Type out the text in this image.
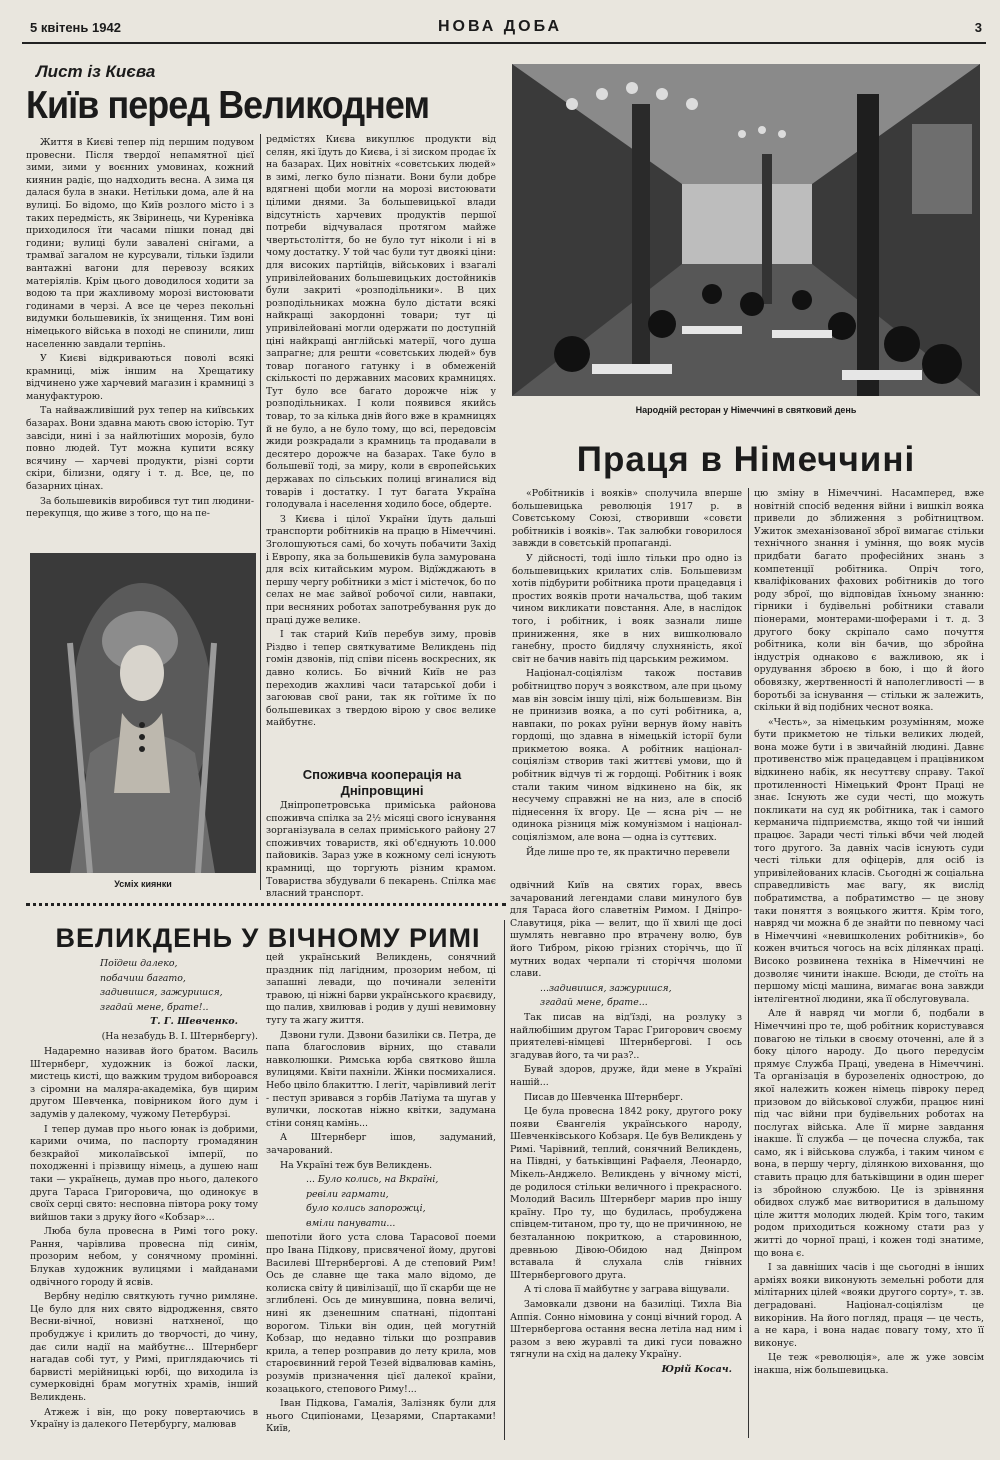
5 квітень 1942	НОВА ДОБА	3
Лист із Києва
Київ перед Великоднем

Життя в Києві тепер під першим подувом провесни. Після твердої непамятної цієї зими, зими у воєнних умовинах, кожний киянин радіє, що надходить весна. А зима ця далася була в знаки. Нетільки дома, але й на вулиці. Бо відомо, що Київ розлого місто і з таких передмість, як Звіринець, чи Куренівка приходилося їти часами пішки понад дві години; вулиці були завалені снігами, а трамваї загалом не курсували, тільки їздили вантажні вагони для перевозу всяких матеріялів. Крім цього доводилося ходити за водою та при жахливому морозі вистоювати годинами в черзі. А все це через пекольні видумки большевиків, їх знищення. Тим воні німецького війська в поході не спинили, лиш населенню завдали терпінь.

У Києві відкриваються поволі всякі крамниці, між іншим на Хрещатику відчинено уже харчевий магазин і крамниці з мануфактурою.

Та найважливіший рух тепер на київських базарах. Вони здавна мають свою історію. Тут завсіди, нині і за найлютіших морозів, було повно людей. Тут можна купити всяку всячину — харчеві продукти, різні сорти скіри, білизни, одягу і т. д. Все, це, по базарних цінах.

За большевиків виробився тут тип людини-перекупця, що живе з того, що на пе-

редмістях Києва викуплює продукти від селян, які їдуть до Києва, і зі зиском продає їх на базарах. Цих новітніх «совєтських людей» в зимі, легко було пізнати. Вони були добре вдягнені щоби могли на морозі вистоювати цілими днями. За большевицької влади відсутність харчевих продуктів першої потреби відчувалася протягом майже чвертьстоліття, бо не було тут ніколи і ні в чому достатку. У той час були тут двоякі ціни: для високих партійців, військових і взагалі упривілейованих большевицьких достойників були закриті «розподільники». В цих розподільниках можна було дістати всякі найкращі закордонні товари; тут ці упривілейовані могли одержати по доступній ціні найкращі англійські матерії, чого душа запрагне; для решти «совєтських людей» був товар поганого гатунку і в обмеженій скількості по державних масових крамницях. Тут було все багато дорожче ніж у розподільниках. І коли появився якийсь товар, то за кілька днів його вже в крамницях й не було, а не було тому, що всі, передовсім жиди розкрадали з крамниць та продавали в десятеро дорожче на базарах. Таке було в большевії тоді, за миру, коли в європейських державах по сільських полиці вгиналися від товарів і достатку. І тут багата Україна голодувала і населення ходило босе, обдерте.

З Києва і цілої України їдуть дальші транспорти робітників на працю в Німеччині. Зголошуються самі, бо хочуть побачити Захід і Европу, яка за большевиків була замурована для всіх китайським муром. Відїжджають в першу чергу робітники з міст і містечок, бо по селах не має зайвої робочої сили, навпаки, при весняних роботах запотребування рук до праці дуже велике.

І так старий Київ перебув зиму, провів Різдво і тепер святкуватиме Великдень під гомін дзвонів, під співи пісень воскресних, як давно колись. Бо вічний Київ не раз переходив жахливі часи татарської доби і загоював свої рани, так як гоїтиме їх по большевиках з твердою вірою у своє велике майбутнє.

Усміх киянки
Споживча кооперація на Дніпровщині

Дніпропетровська приміська районова споживча спілка за 2½ місяці свого існування зорганізувала в селах приміського району 27 споживчих товариств, які об'єднують 10.000 пайовиків. Зараз уже в кожному селі існують крамниці, що торгують різним крамом. Товариства збудували 6 пекарень. Спілка має власний транспорт.

Народній ресторан у Німеччині в святковий день
Праця в Німеччині

«Робітників і вояків» сполучила вперше большевицька революція 1917 р. в Совєтському Союзі, створивши «совєти робітників і вояків». Так залюбки говорилося завжди в совєтській пропаганді.

У дійсності, тоді ішло тільки про одно із большевицьких крилатих слів. Большевизм хотів підбурити робітника проти працедавця і простих вояків проти начальства, щоб таким чином викликати повстання. Але, в наслідок того, і робітник, і вояк зазнали лише приниження, яке в них вишколювало ганебну, просто бидлячу слухняність, якої світ не бачив навіть під царським режимом.

Націонал-соціялізм також поставив робітництво поруч з воякством, але при цьому мав він зовсім іншу цілі, ніж большевизм. Він не принизив вояка, а по суті робітника, а, навпаки, по роках руїни вернув йому навіть гордощі, що здавна в німецькій історії були прикметою вояка. А робітник націонал-соціялізм створив такі життєві умови, що й робітник відчув ті ж гордощі. Робітник і вояк стали таким чином відкинено на бік, як несучему справжні не на низ, але в спосіб піднесення їх вгору. Це — ясна річ — не одинока різниця між комунізмом і націонал-соціялізмом, але вона — одна із суттєвих.

Йде лише про те, як практично перевели

цю зміну в Німеччині. Насамперед, вже новітній спосіб ведення війни і вишкіл вояка привели до зближення з робітництвом. Ужиток змеханізованої зброї вимагає стільки технічного знання і уміння, що вояк мусів придбати багато професійних знань з компетенції робітника. Опріч того, кваліфікованих фахових робітників до того роду зброї, що відповідав їхньому знанню: гірники і будівельні робітники ставали піонерами, монтерами-шоферами і т. д. З другого боку скріпало само почуття робітника, коли він бачив, що збройна індустрія однаково є важливою, як і орудування зброєю в бою, і що й його обовязку, жертвенності й наполегливості — в боротьбі за існування — стільки ж залежить, скільки й від подібних чеснот вояка.

«Честь», за німецьким розумінням, може бути прикметою не тільки великих людей, вона може бути і в звичайній людині. Давнє противенство між працедавцем і працівником відкинено набік, як несуттєву справу. Такої протиленності Німецький Фронт Праці не знає. Існують же суди честі, що можуть покликати на суд як робітника, так і самого керманича підприємства, якщо той чи інший працює. Заради честі тількі вбчи чей людей того другого. За давніх часів існують суди честі тільки для офіцерів, для осіб із упривілейованих класів. Сьогодні ж соціальна справедливість має вагу, як вислід побратимства, а побратимство — це знову таки поняття з вояцького життя. Крім того, навряд чи можна б де знайти по певному часі в Німеччині «невишколених робітників», бо кожен вчиться чогось на всіх ділянках праці. Високо розвинена техніка в Німеччині не дозволяє чинити інакше. Всюди, де стоїть на першому місці машина, вимагає вона завжди інтелігентної людини, яка її обслуговувала.

Але й навряд чи могли б, подбали в Німеччині про те, щоб робітник користувався повагою не тільки в своєму оточенні, але й з боку цілого народу. До цього передусім прямує Служба Праці, уведена в Німеччині. Та організація в бурозеленіх однострою, до якої належить кожен німець півроку перед призовом до військової служби, працює нині під час війни при будівельних роботах на послугах війська. Але її мирне завдання інакше. Її служба — це почесна служба, так само, як і військова служба, і таким чином є вона, в першу чергу, ділянкою виховання, що ставить працю для батьківщини в один шерег із збройною службою. Це із зрівняння обидвох служб має витворитися в дальшому ціле життя молодих людей. Крім того, таким родом приходиться кожному стати раз у житті до чорної праці, і кожен тоді знатиме, що вона є.

І за давніших часів і ще сьогодні в інших арміях вояки виконують земельні роботи для мілітарних цілей «вояки другого сорту», т. зв. деградовані. Націонал-соціялізм це викорінив. На його погляд, праця — це честь, а не кара, і вона надає повагу тому, хто її виконує.

Це теж «революція», але ж уже зовсім інакша, ніж большевицька.

ВЕЛИКДЕНЬ У ВІЧНОМУ РИМІ
Поїдеш далеко,
побачиш багато,
задивишся, зажуришся,
згадай мене, брате!..
Т. Г. Шевченко.

(На незабудь В. І. Штернбергу).

Надаремно називав його братом. Василь Штернберг, художник із божої ласки, мистець кисті, що важким трудом вибороався з сіромни на маляра-академіка, був щирим другом Шевченка, повірником його дум і задумів у далекому, чужому Петербурзі.

І тепер думав про нього юнак із добрими, карими очима, по паспорту громадянин безкрайої миколаївської імперії, по походженні і прізвищу німець, а душею наш таки — українець, думав про нього, далекого друга Тараса Григоровича, що одинокує в своїх серці свято: несповна півтора року тому вийшов таки з друку його «Кобзар»...

Люба була провесна в Римі того року. Рання, чарівлива провесна під синім, прозорим небом, у сонячному промінні. Блукав художник вулицями і майданами одвічного городу й ясвів.

Вербну неділю святкують гучно римляне. Це було для них свято відродження, свято Весни-вічної, новизні натхненої, що пробуджує і крилить до творчості, до чину, дає сили надії на майбутнє... Штернберг нагадав собі тут, у Римі, приглядаючись ті барвисті мерійницькі юрбі, що виходила із сумерковідні брам могутніх храмів, інший Великдень.

Атжеж і він, що року повертаючись в Україну із далекого Петербургу, малював

цей український Великдень, сонячний праздник під лагідним, прозорим небом, ці запашні левади, що починали зеленіти травою, ці ніжні барви українського краєвиду, що палив, хвилював і родив у душі невимовну тугу та жагу життя.

Дзвони гули. Дзвони базиліки св. Петра, де папа благословив вірних, що ставали навколюшки. Римська юрба святково йшла вулицями. Квіти пахніли. Жінки посмихалися. Небо цвіло блакиттю. І легіт, чарівливий легіт - пеступ зривався з горбів Латіума та шугав у вулички, лоскотав ніжно квітки, задумана стіни соняц камінь...

А Штернберг ішов, задуманий, зачарований.

На Україні теж був Великдень.

... Було колись, на Вкраїні,
ревіли гармати,
було колись запорожці,
вміли панувати...

шепотіли його уста слова Тарасової поеми про Івана Підкову, присвяченої йому, другові Василеві Штернбергові. А де степовий Рим! Ось де славне ще така мало відомо, де колиска світу й цивілізації, що її скарби ще не зглиблені. Ось де минувшина, повна величі, нині як дзенешним спатнані, підоптані ворогом. Тільки він один, цей могутній Кобзар, що недавно тільки що розправив крила, а тепер розправив до лету крила, мов староєвинний герой Тезей відвалював камінь, розумів призначення цієї далекої країни, козацького, степового Риму!...

Іван Підкова, Гамалія, Залізняк були для нього Сципіонами, Цезарями, Спартаками! Київ,

одвічний Київ на святих горах, ввесь зачарований легендами слави минулого був для Тараса його славетнім Римом. І Дніпро-Славутиця, ріка — велит, що її хвилі ще досі шумлять невгавно про втрачену волю, був його Тибром, рікою грізних сторіччь, що її мутних водах черпали ті сторіччя шоломи слави.

...задивишся, зажуришся,
згадай мене, брате...

Так писав на від'їзді, на розлуку з найлюбішим другом Тарас Григорович своєму приятелеві-німцеві Штернбергові. І ось згадував його, та чи раз?..

Бувай здоров, друже, йди мене в Україні нашій...

Писав до Шевченка Штернберг.

Це була провесна 1842 року, другого року появи Євангелія українського народу, Шевченківського Кобзаря. Це був Великдень у Римі. Чарівний, теплий, сонячний Великдень, на Півдні, у батьківщині Рафаеля, Леонардо, Мікель-Анджело. Великдень у вічному місті, де родилося стільки величного і прекрасного. Молодий Василь Штернберг марив про іншу країну. Про ту, що будилась, пробуджена співцем-титаном, про ту, що не причинною, не безталанною покриткою, а старовинною, древньою Дівою-Обидою над Дніпром вставала й слухала слів гнівних Штернбергового друга.

А ті слова її майбутнє у заграва віщували.

Замовкали дзвони на базиліці. Тихла Віа Аппія. Сонно німовина у сонці вічний город. А Штернбергова остання весна летіла над ним і разом з вею журавлі та дикі гуси поважно тягнули на схід на далеку Україну.

Юрій Косач.
